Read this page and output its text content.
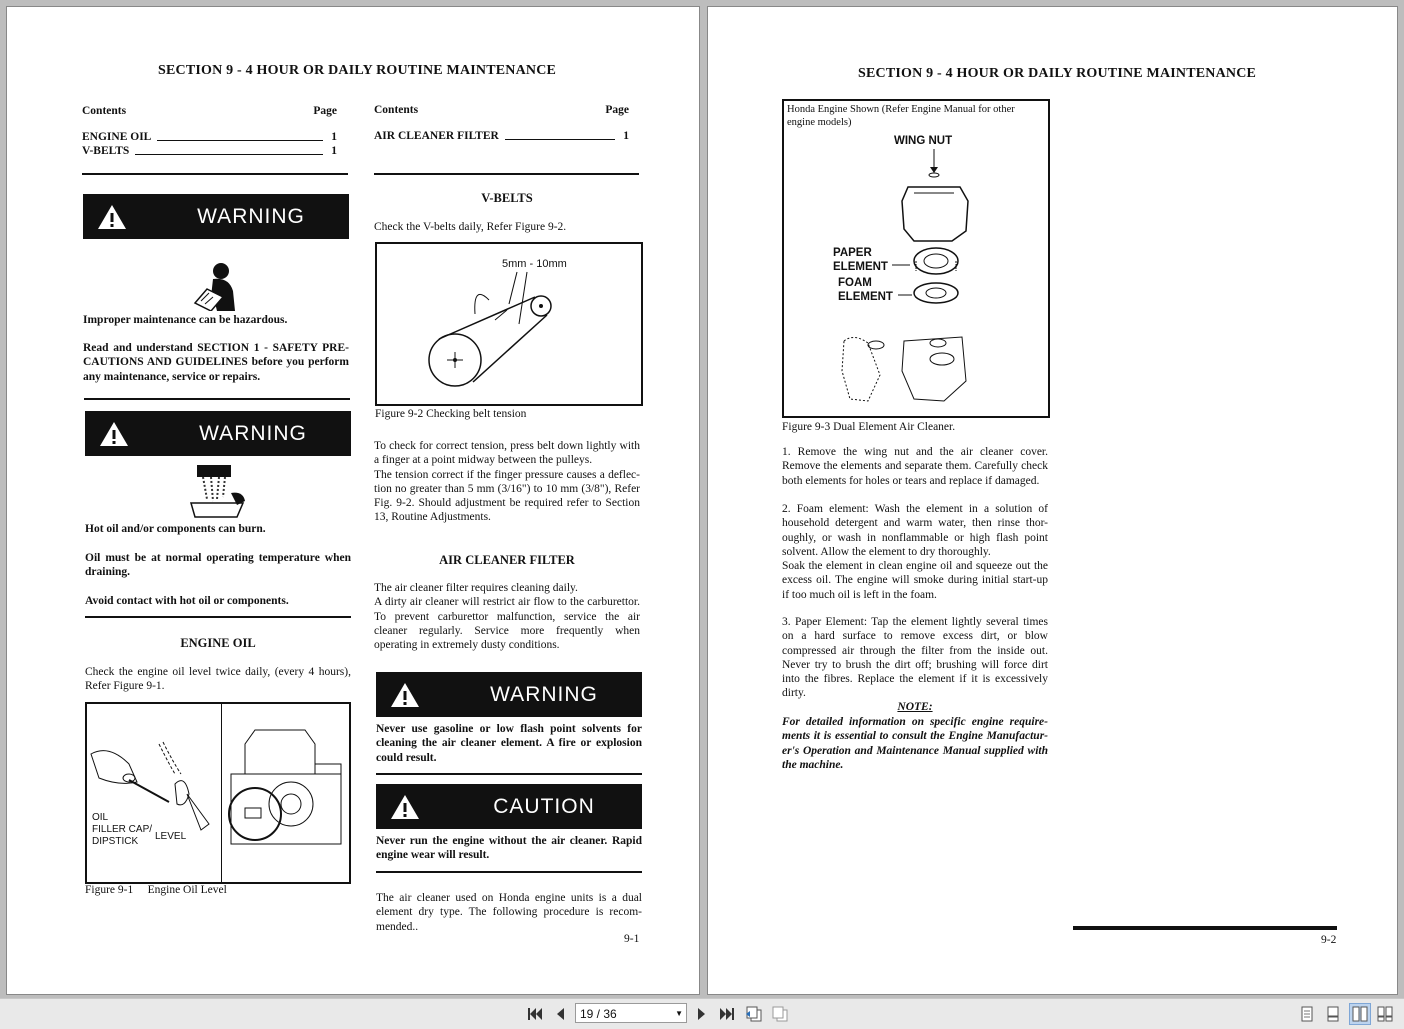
SECTION 9 - 4 HOUR OR DAILY ROUTINE MAINTENANCE
Contents	Page
ENGINE OIL	1
V-BELTS	1
Contents	Page
AIR CLEANER FILTER	1
WARNING
Improper maintenance can be hazardous.
Read and understand SECTION 1 - SAFETY PRE-CAUTIONS AND GUIDELINES before you perform any maintenance, service or repairs.
WARNING
Hot oil and/or components can burn.
Oil must be at normal operating temperature when draining.
Avoid contact with hot oil or components.
ENGINE OIL
Check the engine oil level twice daily, (every 4 hours), Refer Figure 9-1.
OIL
FILLER CAP/
DIPSTICK LEVEL
Figure 9-1     Engine Oil Level
V-BELTS
Check the V-belts daily, Refer Figure 9-2.
5mm - 10mm
Figure 9-2 Checking belt tension
To check for correct tension, press belt down lightly with a finger at a point midway between the pulleys.
The tension correct if the finger pressure causes a deflec-tion no greater than 5 mm (3/16") to 10 mm (3/8"), Refer Fig. 9-2. Should adjustment be required refer to Section 13, Routine Adjustments.
AIR CLEANER FILTER
The air cleaner filter requires cleaning daily.
A dirty air cleaner will restrict air flow to the carburettor. To prevent carburettor malfunction, service the air cleaner regularly. Service more frequently when operating in extremely dusty conditions.
WARNING
Never use gasoline or low flash point solvents for cleaning the air cleaner element. A fire or explosion could result.
CAUTION
Never run the engine without the air cleaner. Rapid engine wear will result.
The air cleaner used on Honda engine units is a dual element dry type. The following procedure is recom-mended..
9-1
SECTION 9 - 4 HOUR OR DAILY ROUTINE MAINTENANCE
Honda Engine Shown (Refer Engine Manual for other engine models)
WING NUT
PAPER
ELEMENT
FOAM
ELEMENT
Figure 9-3 Dual Element Air Cleaner.
1. Remove the wing nut and the air cleaner cover. Remove the elements and separate them. Carefully check both elements for holes or tears and replace if damaged.
2. Foam element: Wash the element in a solution of household detergent and warm water, then rinse thor-oughly, or wash in nonflammable or high flash point solvent. Allow the element to dry thoroughly.
Soak the element in clean engine oil and squeeze out the excess oil. The engine will smoke during initial start-up if too much oil is left in the foam.
3. Paper Element: Tap the element lightly several times on a hard surface to remove excess dirt, or blow compressed air through the filter from the inside out. Never try to brush the dirt off; brushing will force dirt into the fibres. Replace the element if it is excessively dirty.
NOTE:
For detailed information on specific engine require-ments it is essential to consult the Engine Manufactur-er's Operation and Maintenance Manual supplied with the machine.
9-2
19 / 36	▼
